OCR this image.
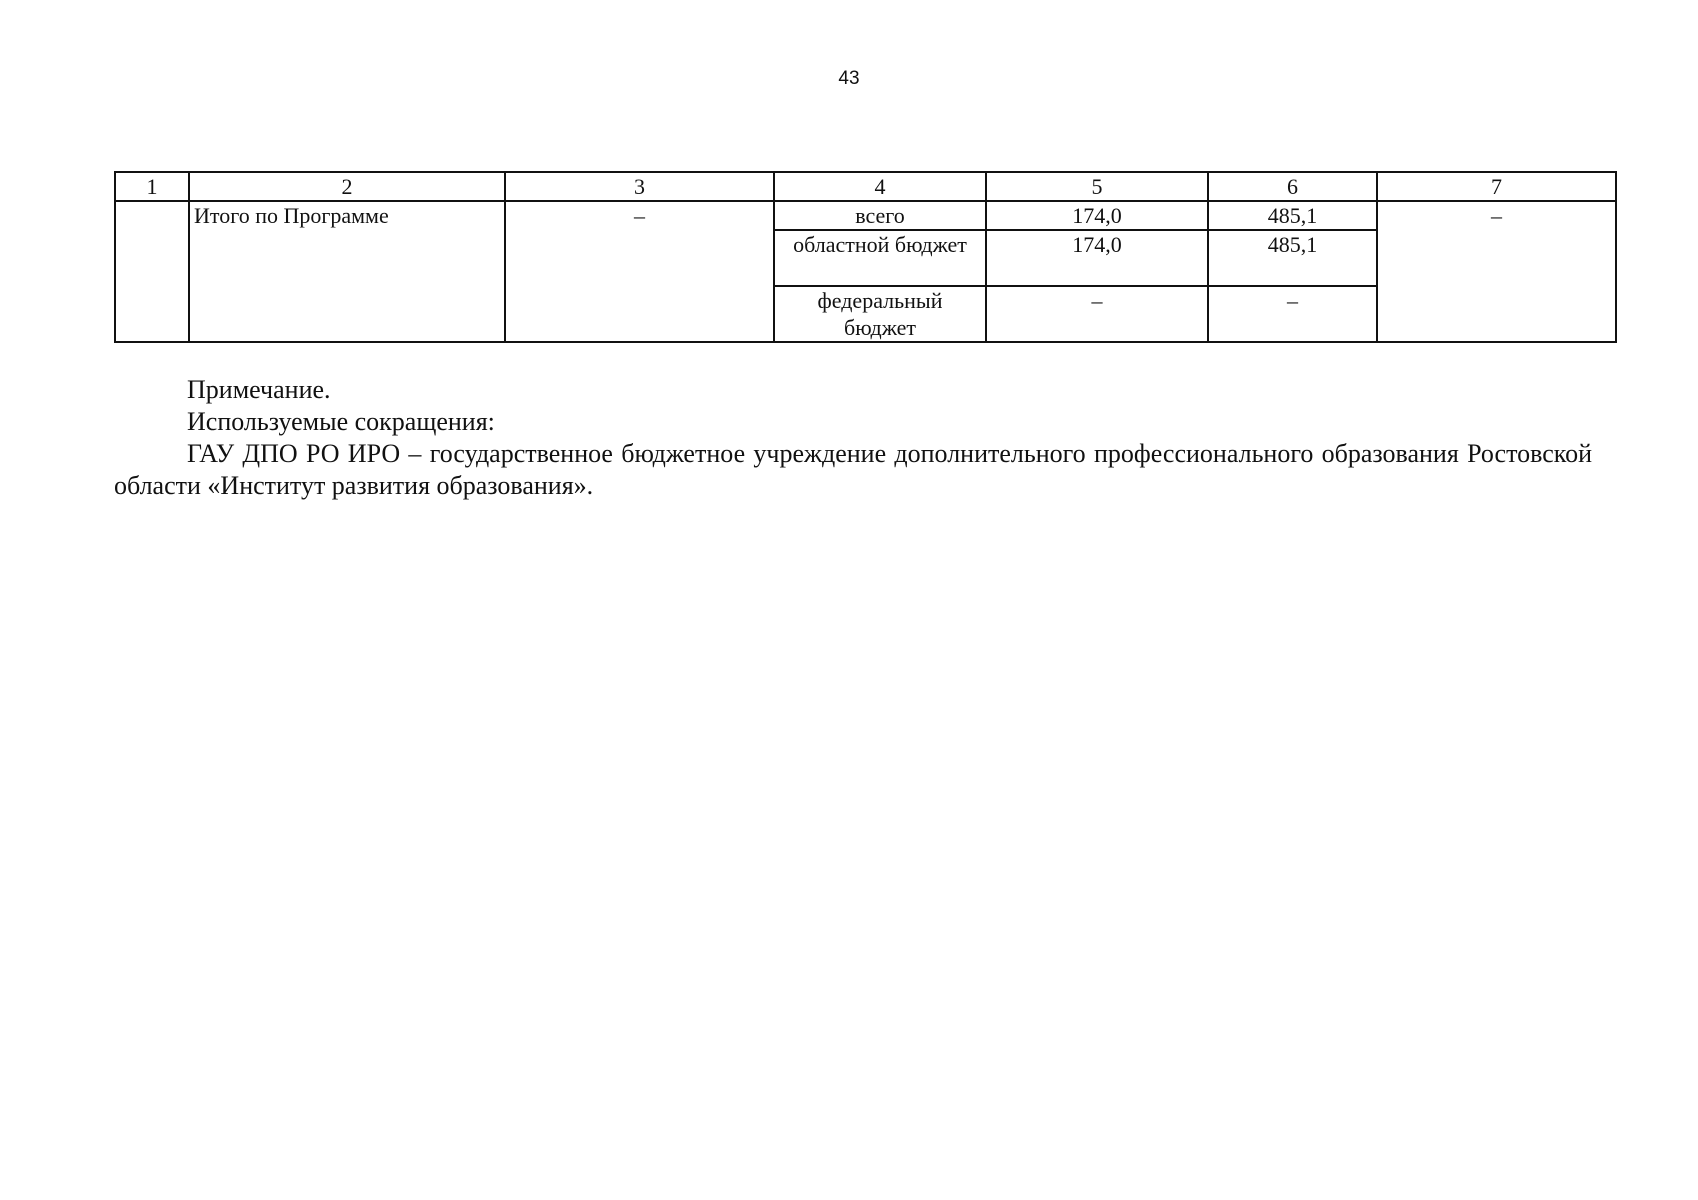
43
1	2	3	4	5	6	7
	Итого по Программе	–	всего	174,0	485,1	–
			областной бюджет	174,0	485,1	
			федеральный бюджет	–	–	

Примечание.

Используемые сокращения:

ГАУ ДПО РО ИРО – государственное бюджетное учреждение дополнительного профессионального образования Ростовской области «Институт развития образования».
